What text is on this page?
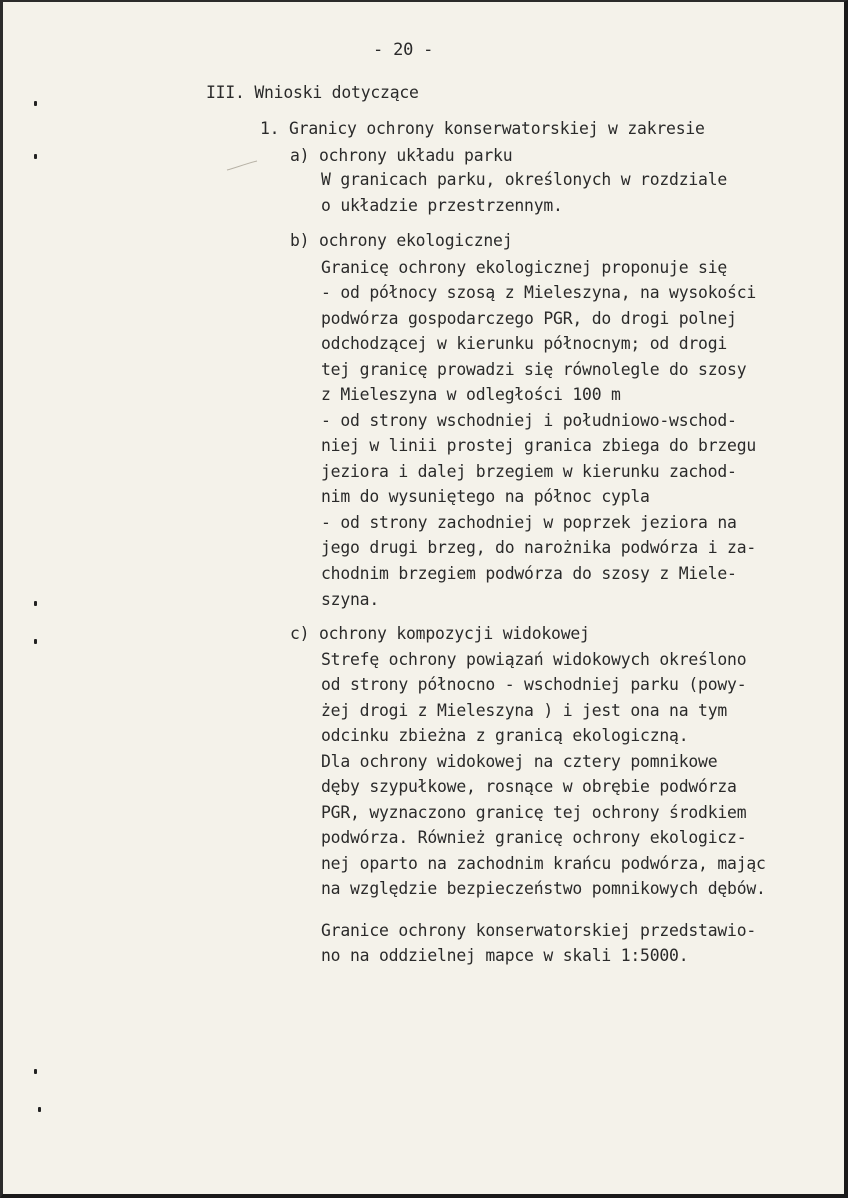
- 20 -

III. Wnioski dotyczące

1. Granicy ochrony konserwatorskiej w zakresie

a) ochrony układu parku

W granicach parku, określonych w rozdziale

o układzie przestrzennym.

b) ochrony ekologicznej

Granicę ochrony ekologicznej proponuje się

- od północy szosą z Mieleszyna, na wysokości

podwórza gospodarczego PGR, do drogi polnej

odchodzącej w kierunku północnym; od drogi

tej granicę prowadzi się równolegle do szosy

z Mieleszyna w odległości 100 m

- od strony wschodniej i południowo-wschod-

niej w linii prostej granica zbiega do brzegu

jeziora i dalej brzegiem w kierunku zachod-

nim do wysuniętego na północ cypla

- od strony zachodniej w poprzek jeziora na

jego drugi brzeg, do narożnika podwórza i za-

chodnim brzegiem podwórza do szosy z Miele-

szyna.

c) ochrony kompozycji widokowej

Strefę ochrony powiązań widokowych określono

od strony północno - wschodniej parku (powy-

żej drogi z Mieleszyna ) i jest ona na tym

odcinku zbieżna z granicą ekologiczną.

Dla ochrony widokowej na cztery pomnikowe

dęby szypułkowe, rosnące w obrębie podwórza

PGR, wyznaczono granicę tej ochrony środkiem

podwórza. Również granicę ochrony ekologicz-

nej oparto na zachodnim krańcu podwórza, mając

na względzie bezpieczeństwo pomnikowych dębów.

Granice ochrony konserwatorskiej przedstawio-

no na oddzielnej mapce w skali 1:5000.
